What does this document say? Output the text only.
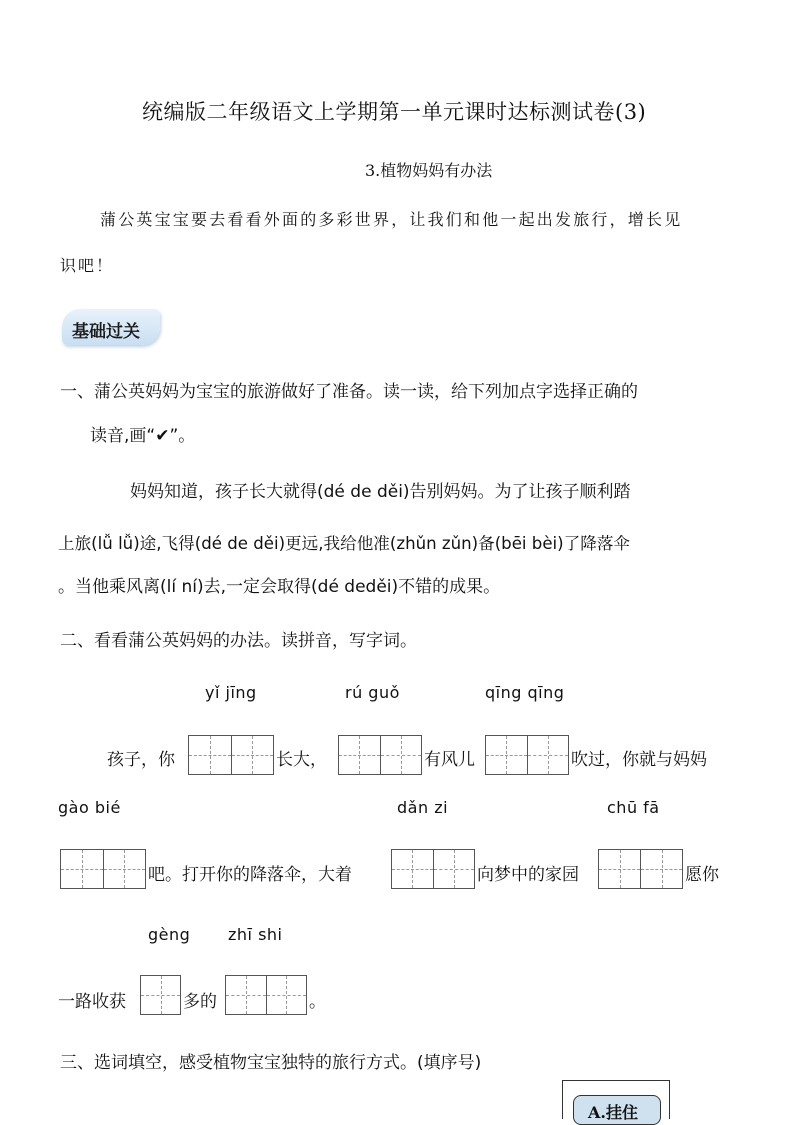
统编版二年级语文上学期第一单元课时达标测试卷(3)
3.植物妈妈有办法
蒲公英宝宝要去看看外面的多彩世界，让我们和他一起出发旅行，增长见
识吧！
基础过关
一、蒲公英妈妈为宝宝的旅游做好了准备。读一读，给下列加点字选择正确的
读音,画“✔”。
妈妈知道，孩子长大就得(dé de děi)告别妈妈。为了让孩子顺利踏
上旅(lǚ lǚ)途,飞得(dé de děi)更远,我给他准(zhǔn zǔn)备(bēi bèi)了降落伞
。当他乘风离(lí ní)去,一定会取得(dé deděi)不错的成果。
二、看看蒲公英妈妈的办法。读拼音，写字词。
yǐ jīng	rú guǒ	qīng qīng
孩子，你	长大，	有风儿	吹过，你就与妈妈
gào bié	dǎn zi	chū fā
吧。打开你的降落伞，大着	向梦中的家园	愿你
gèng zhī shi
一路收获	多的	。
三、选词填空，感受植物宝宝独特的旅行方式。(填序号)
A.挂住
